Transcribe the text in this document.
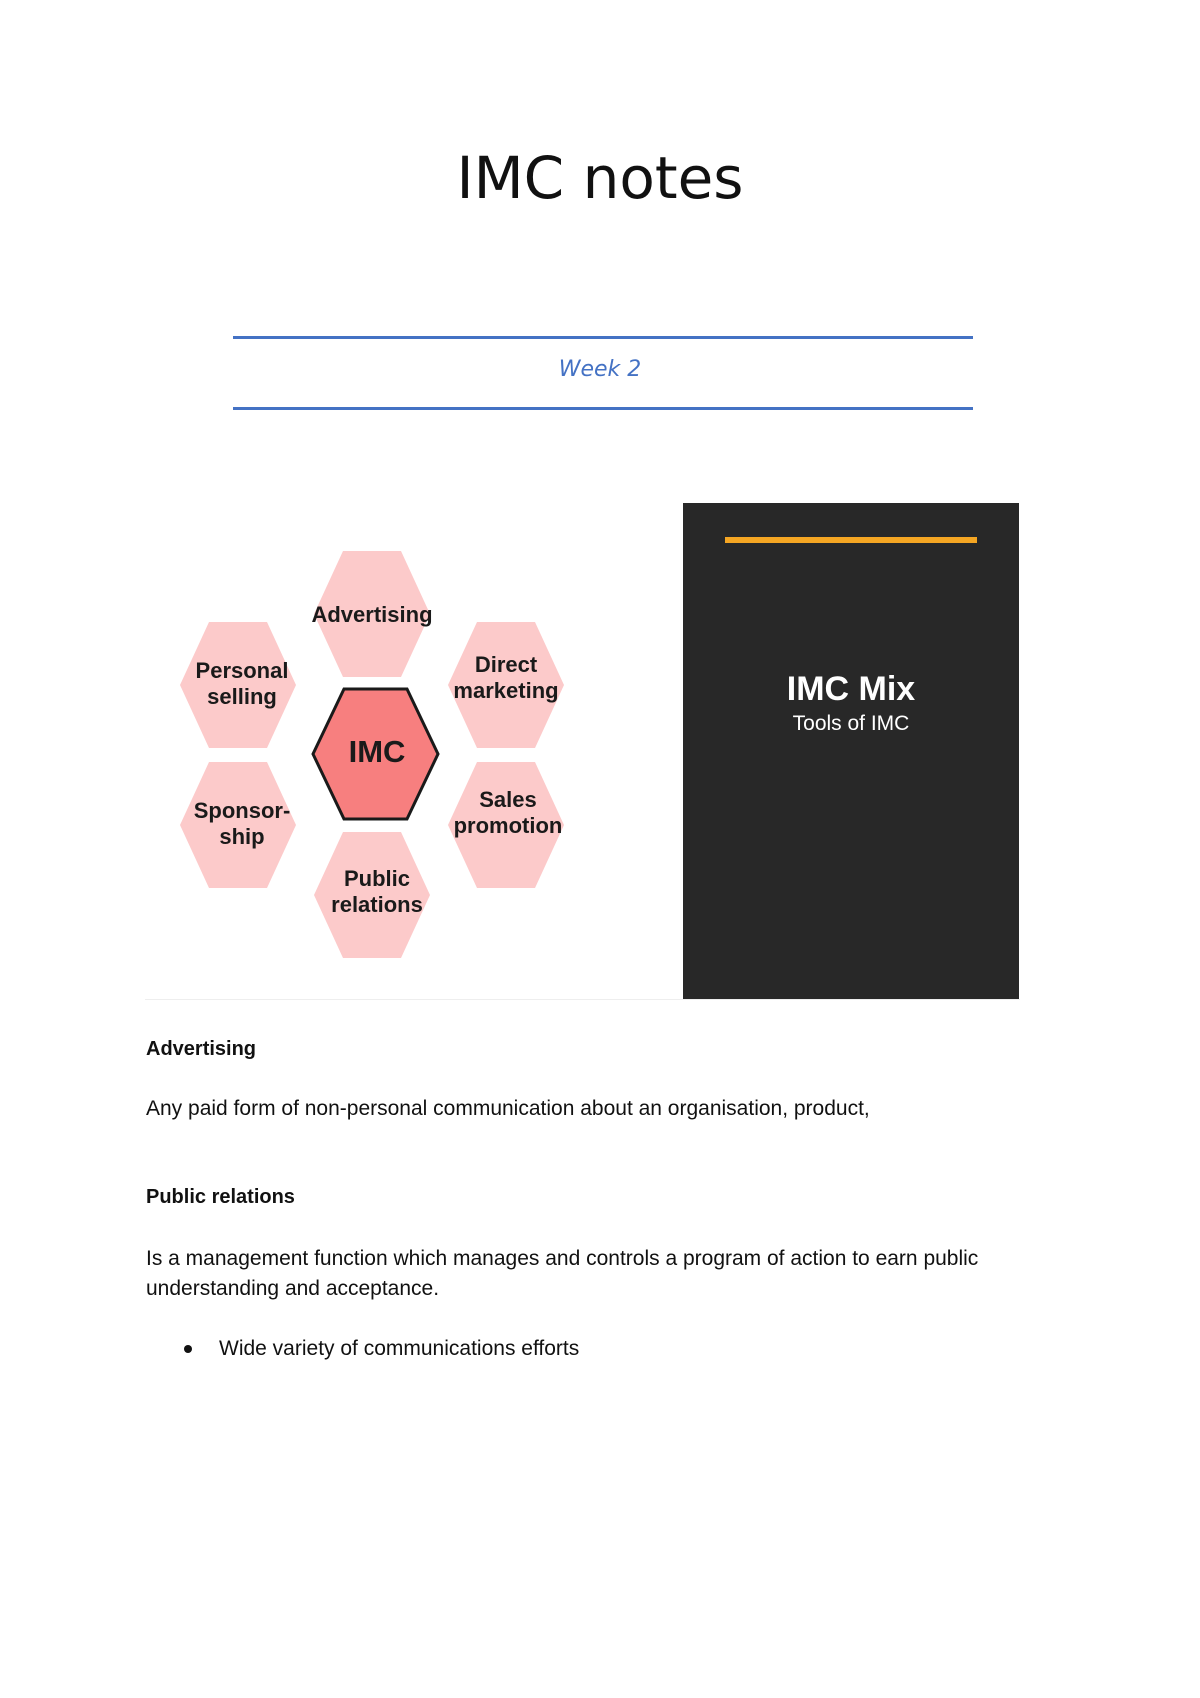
IMC notes
Week 2
Advertising
Direct
marketing
Sales
promotion
Public
relations
Sponsor-
ship
Personal
selling
IMC
IMC Mix
Tools of IMC
Advertising

Any paid form of non-personal communication about an organisation, product,

Public relations

Is a management function which manages and controls a program of action to earn public understanding and acceptance.

Wide variety of communications efforts
